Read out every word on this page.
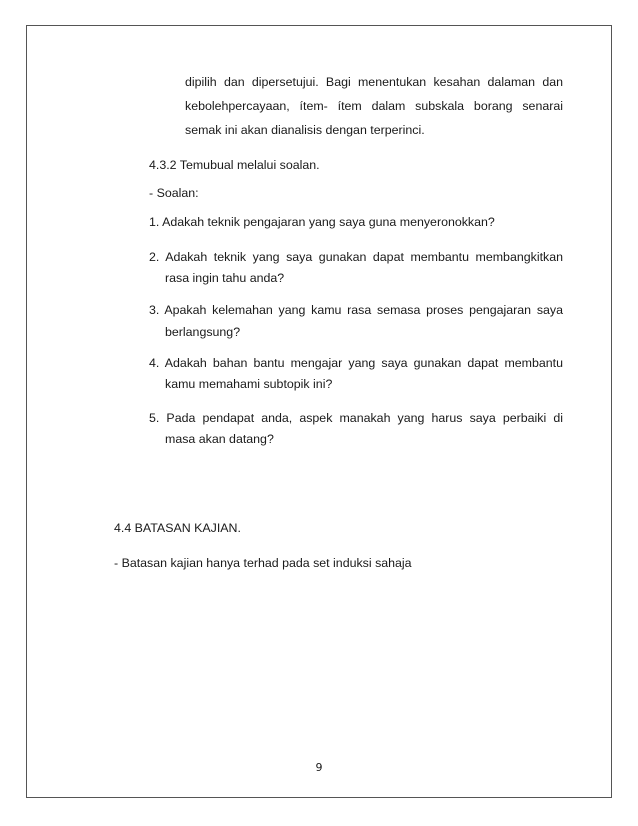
dipilih dan dipersetujui. Bagi menentukan kesahan dalaman dan
kebolehpercayaan, ítem- ítem dalam subskala borang senarai
semak ini akan dianalisis dengan terperinci.
4.3.2 Temubual melalui soalan.
- Soalan:
1. Adakah teknik pengajaran yang saya guna menyeronokkan?
2. Adakah teknik yang saya gunakan dapat membantu membangkitkan
rasa ingin tahu anda?
3. Apakah kelemahan yang kamu rasa semasa proses pengajaran saya
berlangsung?
4. Adakah bahan bantu mengajar yang saya gunakan dapat membantu
kamu memahami subtopik ini?
5. Pada pendapat anda, aspek manakah yang harus saya perbaiki di
masa akan datang?
4.4 BATASAN KAJIAN.
- Batasan kajian hanya terhad pada set induksi sahaja
9
